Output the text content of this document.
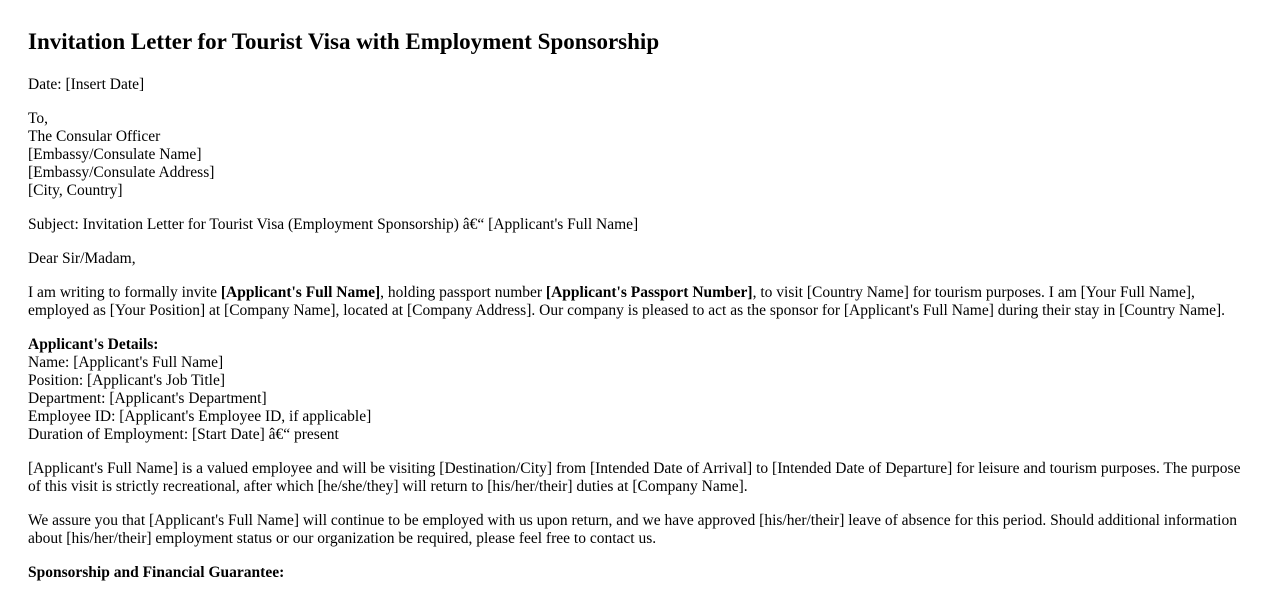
Invitation Letter for Tourist Visa with Employment Sponsorship

Date: [Insert Date]

To,
The Consular Officer
[Embassy/Consulate Name]
[Embassy/Consulate Address]
[City, Country]

Subject: Invitation Letter for Tourist Visa (Employment Sponsorship) â€“ [Applicant's Full Name]

Dear Sir/Madam,

I am writing to formally invite [Applicant's Full Name], holding passport number [Applicant's Passport Number], to visit [Country Name] for tourism purposes. I am [Your Full Name], employed as [Your Position] at [Company Name], located at [Company Address]. Our company is pleased to act as the sponsor for [Applicant's Full Name] during their stay in [Country Name].

Applicant's Details:
Name: [Applicant's Full Name]
Position: [Applicant's Job Title]
Department: [Applicant's Department]
Employee ID: [Applicant's Employee ID, if applicable]
Duration of Employment: [Start Date] â€“ present

[Applicant's Full Name] is a valued employee and will be visiting [Destination/City] from [Intended Date of Arrival] to [Intended Date of Departure] for leisure and tourism purposes. The purpose of this visit is strictly recreational, after which [he/she/they] will return to [his/her/their] duties at [Company Name].

We assure you that [Applicant's Full Name] will continue to be employed with us upon return, and we have approved [his/her/their] leave of absence for this period. Should additional information about [his/her/their] employment status or our organization be required, please feel free to contact us.

Sponsorship and Financial Guarantee:
